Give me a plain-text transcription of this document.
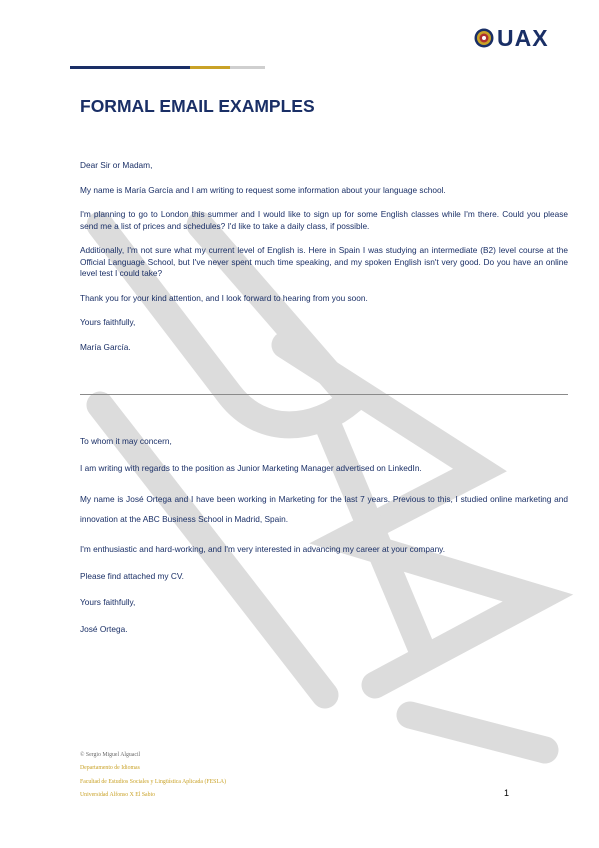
UAX
FORMAL EMAIL EXAMPLES

Dear Sir or Madam,

My name is María García and I am writing to request some information about your language school.

I'm planning to go to London this summer and I would like to sign up for some English classes while I'm there. Could you please send me a list of prices and schedules? I'd like to take a daily class, if possible.

Additionally, I'm not sure what my current level of English is. Here in Spain I was studying an intermediate (B2) level course at the Official Language School, but I've never spent much time speaking, and my spoken English isn't very good. Do you have an online level test I could take?

Thank you for your kind attention, and I look forward to hearing from you soon.

Yours faithfully,

María García.

To whom it may concern,

I am writing with regards to the position as Junior Marketing Manager advertised on LinkedIn.

My name is José Ortega and I have been working in Marketing for the last 7 years. Previous to this, I studied online marketing and innovation at the ABC Business School in Madrid, Spain.

I'm enthusiastic and hard-working, and I'm very interested in advancing my career at your company.

Please find attached my CV.

Yours faithfully,

José Ortega.

© Sergio Miguel Alguacil
Departamento de Idiomas
Facultad de Estudios Sociales y Lingüística Aplicada (FESLA)
Universidad Alfonso X El Sabio	1
